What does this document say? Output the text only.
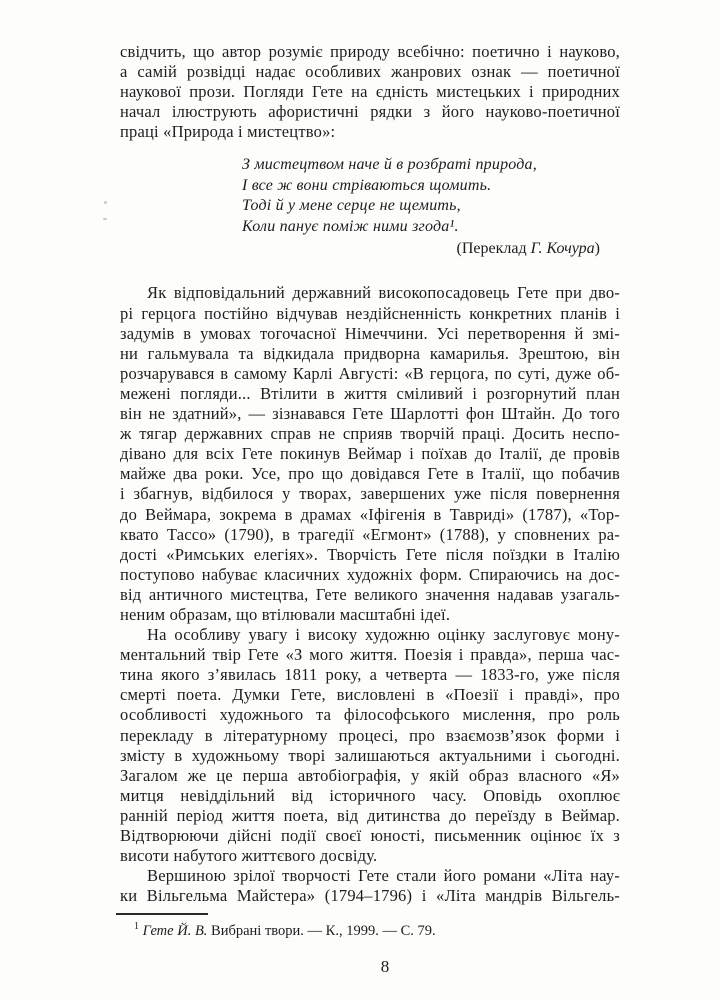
свідчить, що автор розуміє природу всебічно: поетично і науково,
а самій розвідці надає особливих жанрових ознак — поетичної
наукової прози. Погляди Гете на єдність мистецьких і природних
начал ілюструють афористичні рядки з його науково-поетичної
праці «Природа і мистецтво»:
З мистецтвом наче й в розбраті природа,
І все ж вони стріваються щомить.
Тоді й у мене серце не щемить,
Коли панує поміж ними згода¹.
(Переклад Г. Кочура)
Як відповідальний державний високопосадовець Гете при дво-
рі герцога постійно відчував нездійсненність конкретних планів і
задумів в умовах тогочасної Німеччини. Усі перетворення й змі-
ни гальмувала та відкидала придворна камарилья. Зрештою, він
розчарувався в самому Карлі Августі: «В герцога, по суті, дуже об-
межені погляди... Втілити в життя сміливий і розгорнутий план
він не здатний», — зізнавався Гете Шарлотті фон Штайн. До того
ж тягар державних справ не сприяв творчій праці. Досить неспо-
дівано для всіх Гете покинув Веймар і поїхав до Італії, де провів
майже два роки. Усе, про що довідався Гете в Італії, що побачив
і збагнув, відбилося у творах, завершених уже після повернення
до Веймара, зокрема в драмах «Іфігенія в Тавриді» (1787), «Тор-
квато Тассо» (1790), в трагедії «Егмонт» (1788), у сповнених ра-
дості «Римських елегіях». Творчість Гете після поїздки в Італію
поступово набуває класичних художніх форм. Спираючись на дос-
від античного мистецтва, Гете великого значення надавав узагаль-
неним образам, що втілювали масштабні ідеї.
На особливу увагу і високу художню оцінку заслуговує мону-
ментальний твір Гете «З мого життя. Поезія і правда», перша час-
тина якого з’явилась 1811 року, а четверта — 1833-го, уже після
смерті поета. Думки Гете, висловлені в «Поезії і правді», про
особливості художнього та філософського мислення, про роль
перекладу в літературному процесі, про взаємозв’язок форми і
змісту в художньому творі залишаються актуальними і сьогодні.
Загалом же це перша автобіографія, у якій образ власного «Я»
митця невіддільний від історичного часу. Оповідь охоплює
ранній період життя поета, від дитинства до переїзду в Веймар.
Відтворюючи дійсні події своєї юності, письменник оцінює їх з
висоти набутого життєвого досвіду.
Вершиною зрілої творчості Гете стали його романи «Літа нау-
ки Вільгельма Майстера» (1794–1796) і «Літа мандрів Вільгель-
$^1$ Гете Й. В. Вибрані твори. — К., 1999. — С. 79.
8
